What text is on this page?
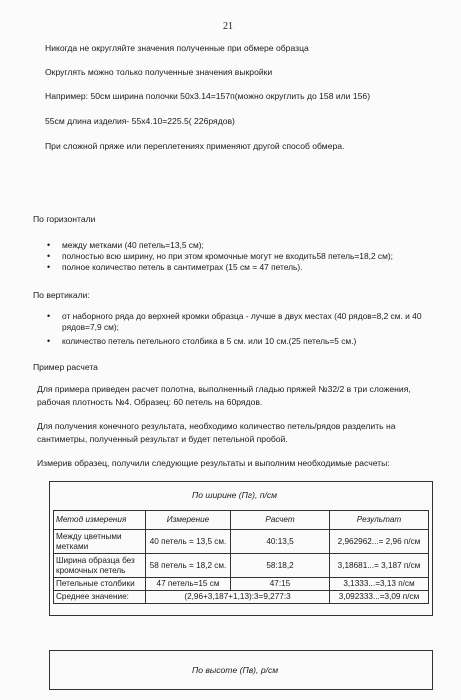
21
Никогда не округляйте значения полученные при обмере образца
Округлять можно только полученные значения выкройки
Например: 50см ширина полочки 50x3.14=157п(можно округлить до 158 или 156)
55см длина изделия- 55x4.10=225.5( 226рядов)
При сложной пряже или переплетениях применяют другой способ обмера.
По горизонтали
• между метками (40 петель=13,5 см);
• полностью всю ширину, но при этом кромочные могут не входить58 петель=18,2 см);
• полное количество петель в сантиметрах (15 см = 47 петель).
По вертикали:
• от наборного ряда до верхней кромки образца - лучше в двух местах (40 рядов=8,2 см. и 40
рядов=7,9 см);
• количество петель петельного столбика в 5 см. или 10 см.(25 петель=5 см.)
Пример расчета
Для примера приведен расчет полотна, выполненный гладью пряжей №32/2 в три сложения,
рабочая плотность №4. Образец: 60 петель на 60рядов.
Для получения конечного результата, необходимо количество петель/рядов разделить на
сантиметры, полученный результат и будет петельной пробой.
Измерив образец, получили следующие результаты и выполним необходимые расчеты:
По ширине (Пг), п/см
Метод измерения	Измерение	Расчет	Результат
Между цветными
метками	40 петель = 13,5 см.	40:13,5	2,962962...= 2,96 п/см
Ширина образца без
кромочных петель	58 петель = 18,2 см.	58:18,2	3,18681...= 3,187 п/см
Петельные столбики	47 петель=15 см	47:15	3,1333...=3,13 п/см
Среднее значение:	(2,96+3,187+1,13):3=9,277:3		3,092333...=3,09 п/см
По высоте (Пв), р/см
